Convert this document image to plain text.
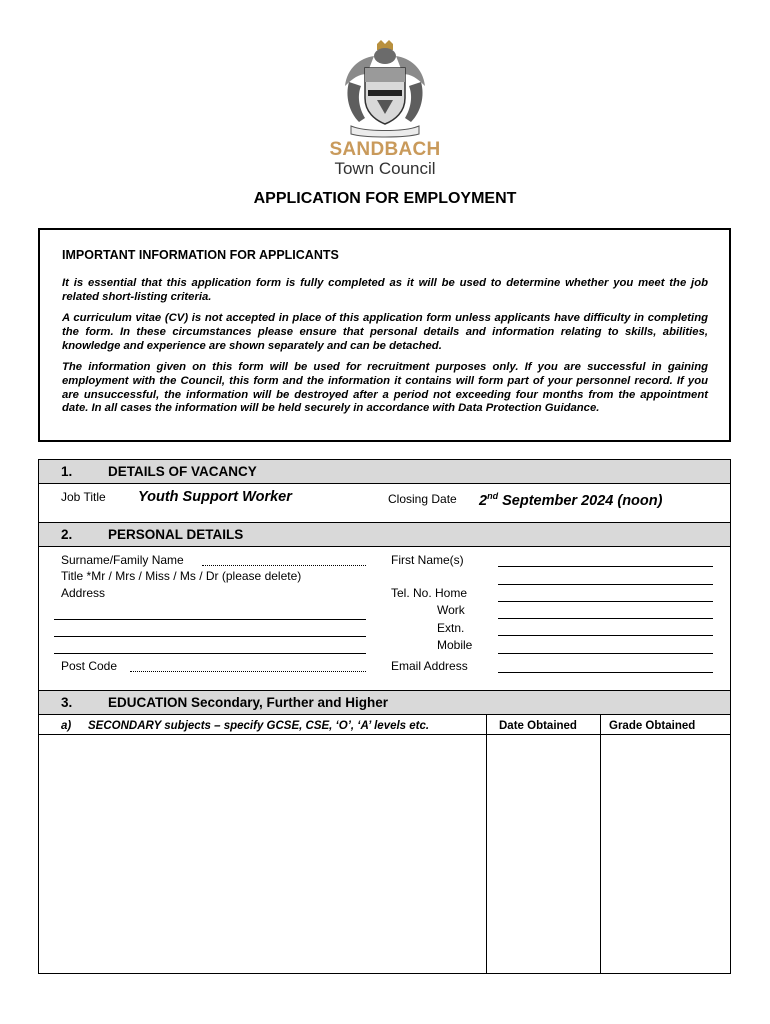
SANDBACH
Town Council
APPLICATION FOR EMPLOYMENT
IMPORTANT INFORMATION FOR APPLICANTS

It is essential that this application form is fully completed as it will be used to determine whether you meet the job related short-listing criteria.

A curriculum vitae (CV) is not accepted in place of this application form unless applicants have difficulty in completing the form. In these circumstances please ensure that personal details and information relating to skills, abilities, knowledge and experience are shown separately and can be detached.

The information given on this form will be used for recruitment purposes only. If you are successful in gaining employment with the Council, this form and the information it contains will form part of your personnel record. If you are unsuccessful, the information will be destroyed after a period not exceeding four months from the appointment date. In all cases the information will be held securely in accordance with Data Protection Guidance.

1.	DETAILS OF VACANCY
Job Title Youth Support Worker	Closing Date 2nd September 2024 (noon)
2.	PERSONAL DETAILS
Surname/Family Name
Title *Mr / Mrs / Miss / Ms / Dr (please delete)
Address
Post Code
First Name(s)
Tel. No. Home
Work
Extn.
Mobile
Email Address
3.	EDUCATION Secondary, Further and Higher
a) SECONDARY subjects – specify GCSE, CSE, ‘O’, ‘A’ levels etc.	Date Obtained	Grade Obtained
